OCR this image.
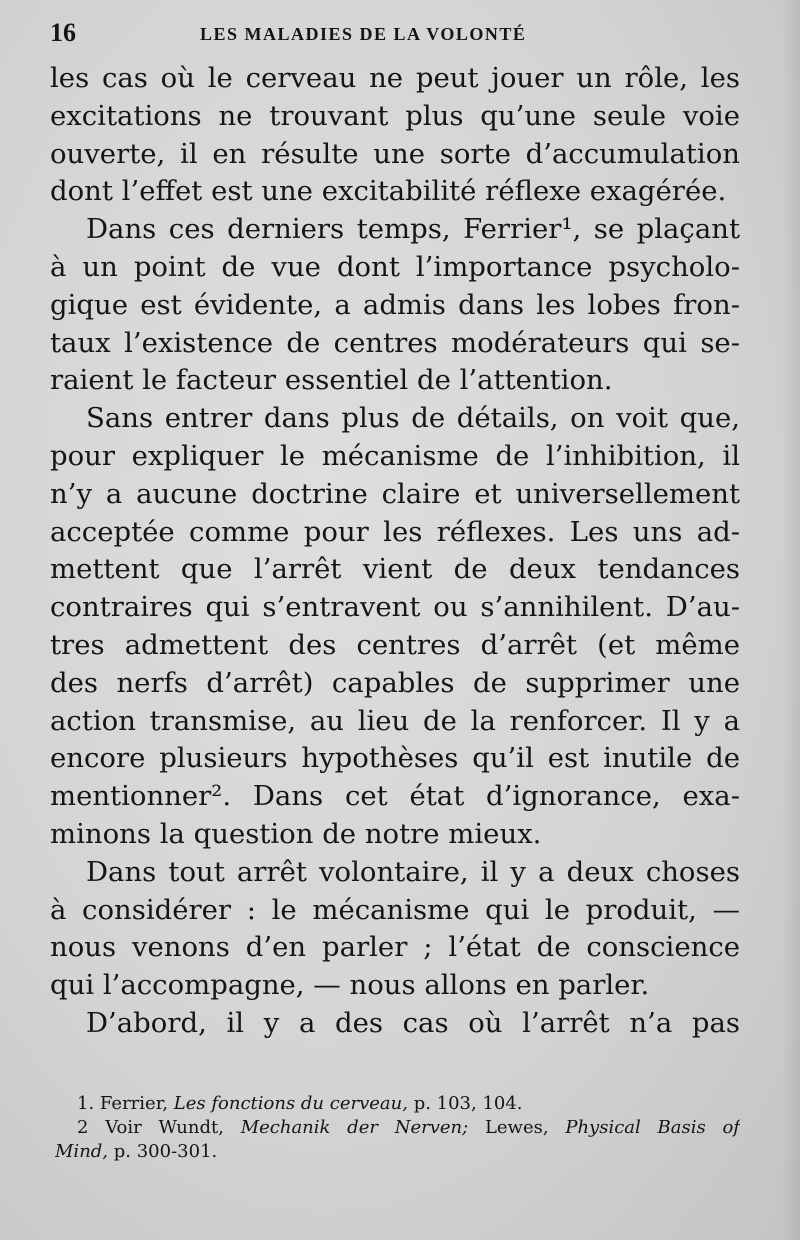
16	LES MALADIES DE LA VOLONTÉ
les cas où le cerveau ne peut jouer un rôle, les
excitations ne trouvant plus qu’une seule voie
ouverte, il en résulte une sorte d’accumulation
dont l’effet est une excitabilité réflexe exagérée.
Dans ces derniers temps, Ferrier¹, se plaçant
à un point de vue dont l’importance psycholo-
gique est évidente, a admis dans les lobes fron-
taux l’existence de centres modérateurs qui se-
raient le facteur essentiel de l’attention.
Sans entrer dans plus de détails, on voit que,
pour expliquer le mécanisme de l’inhibition, il
n’y a aucune doctrine claire et universellement
acceptée comme pour les réflexes. Les uns ad-
mettent que l’arrêt vient de deux tendances
contraires qui s’entravent ou s’annihilent. D’au-
tres admettent des centres d’arrêt (et même
des nerfs d’arrêt) capables de supprimer une
action transmise, au lieu de la renforcer. Il y a
encore plusieurs hypothèses qu’il est inutile de
mentionner². Dans cet état d’ignorance, exa-
minons la question de notre mieux.
Dans tout arrêt volontaire, il y a deux choses
à considérer : le mécanisme qui le produit, —
nous venons d’en parler ; l’état de conscience
qui l’accompagne, — nous allons en parler.
D’abord, il y a des cas où l’arrêt n’a pas
1. Ferrier, Les fonctions du cerveau, p. 103, 104.
2 Voir Wundt, Mechanik der Nerven; Lewes, Physical Basis of
Mind, p. 300-301.
